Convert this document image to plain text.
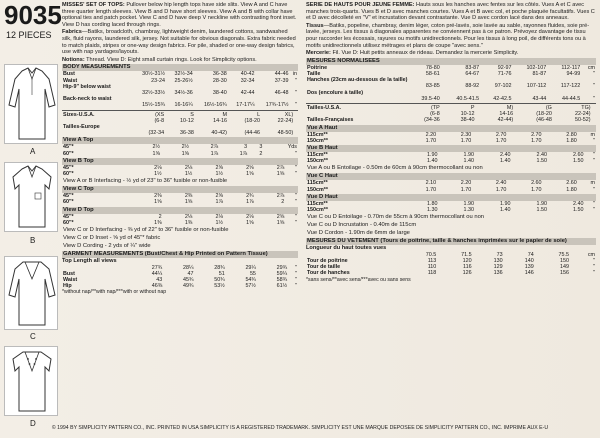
9035
12 PIECES
A
B
C
D

MISSES' SET OF TOPS: Pullover below hip length tops have side slits. View A and C have three quarter length sleeves. View B and D have short sleeves. View A and B with collar have optional ties and patch pocket. View C and D have deep V neckline with contrasting front inset. View D has cording laced through rings.

Fabrics—Batiks, broadcloth, chambray, lightweight denim, laundered cottons, sandwashed silk, fluid rayons, laundered silk, jersey. Not suitable for obvious diagonals. Extra fabric needed to match plaids, stripes or one-way design fabrics. For pile, shaded or one-way design fabrics, use with nap yardages/layouts.

Notions: Thread. View D: Eight small curtain rings. Look for Simplicity options.

BODY MEASUREMENTS
Bust	30½-31½	32½-34	36-38	40-42	44-46	in
Waist	23-24	25-26½	28-30	32-34	37-39	"
Hip-9" below waist						
	32½-33½	34½-36	38-40	42-44	46-48	"
Back-neck to waist						
	15½-15¾	16-16¼	16½-16¾	17-17¼	17¾-17½	"
Sizes-U.S.A.	(XS	S	M	L	XL)	
	(6-8	10-12	14-16	(18-20	22-24)	
Tailles-Europe						
	(32-34	36-38	40-42)	(44-46	48-50)	
View A Top
45"*	2½	2½	2⅞	3	3	Yds
60"*	1⅝	1⅝	1⅞	1⅞	2	"
View B Top
45"*	2⅛	2⅛	2⅝	2⅝	2⅞	"
60"*	1½	1½	1½	1⅝	1⅝	"
View A or B Interfacing - ½ yd of 23" to 36" fusible or non-fusible
View C Top
45"*	2⅜	2⅜	2⅝	2¾	2⅞	"
60"*	1⅝	1⅝	1⅞	1⅞	2	"
View D Top
45"*	2	2⅛	2⅛	2⅛	2⅝	"
60"*	1⅜	1⅜	1½	1⅝	1⅝	"
View C or D Interfacing - ⅜ yd of 22" to 36" fusible or non-fusible
View C or D Inset - ⅝ yd of 45"* fabric
View D Cording - 2 yds of ¼" wide
GARMENT MEASUREMENTS (Bust/Chest & Hip Printed on Pattern Tissue)
Top Length all views
	27¾	28¼	28¾	29¼	29¾	"
Bust	44¼	47	51	55	59¼	"
Waist	43	45¾	50¾	54¾	58¾	"
Hip	46⅜	49¾	53½	57½	61½	"
*without nap/**with nap/***with or without nap

SERIE DE HAUTS POUR JEUNE FEMME: Hauts sous les hanches avec fentes sur les côtés. Vues A et C avec manches trois-quarts. Vues B et D avec manches courtes. Vues A et B avec col, et poche plaquée facultatifs. Vues C et D avec décolleté en "V" et incrustation devant contrastante. Vue D avec cordon lacé dans des anneaux.

Tissus—Batiks, popeline, chambray, denim léger, coton pré-lavés, soie lavée au sable, rayonnes fluides, soie pré-lavée, jerseys. Les tissus à diagonales apparentes ne conviennent pas à ce patron. Prévoyez davantage de tissu pour raccorder les écossais, rayures ou motifs unidirectionnels. Pour les tissus à long poil, de différents tons ou à motifs unidirectionnels utilisez métrages et plans de coupe "avec sens."

Mercerie: Fil. Vue D: Huit petits anneaux de rideau. Demandez la mercerie Simplicity.

MESURES NORMALISEES
Poitrine	78-80	83-87	92-97	102-107	112-117	cm
Taille	58-61	64-67	71-76	81-87	94-99	"
Hanches (23cm au-dessous de la taille)						
	83-85	88-92	97-102	107-112	117-122	"
Dos (encolure à taille)						
	39.5-40	40.5-41.5	42-42.5	43-44	44-44.5	"
Tailles-U.S.A.	(TP	P	M)	(G	TG)	
	(6-8	10-12	14-16	(18-20	22-24)	
Tailles-Françaises	(34-36	38-40	42-44)	(46-48	50-52)	
Vue A Haut
115cm**	2.20	2.30	2.70	2.70	2.80	m
150cm**	1.70	1.70	1.70	1.70	1.80	"
Vue B Haut
115cm**	1.90	1.90	2.40	2.40	2.60	"
150cm**	1.40	1.40	1.40	1.50	1.50	"
Vue A ou B Entoilage - 0.50m de 60cm à 90cm thermocollant ou non
Vue C Haut
115cm**	2.10	2.20	2.40	2.60	2.60	m
150cm**	1.70	1.70	1.70	1.70	1.80	"
Vue D Haut
115cm**	1.80	1.90	1.90	1.90	2.40	"
150cm**	1.30	1.30	1.40	1.50	1.50	"
Vue C ou D Entoilage - 0.70m de 55cm à 90cm thermocollant ou non
Vue C ou D Incrustation - 0.40m de 115cm
Vue D Cordon - 1.90m de 6mm de large
MESURES DU VETEMENT (Tours de poitrine, taille & hanches imprimées sur le papier de soie)
Longueur du haut toutes vues
	70.5	71.5	73	74	75.5	cm
Tour de poitrine	113	120	130	140	150	"
Tour de taille	110	116	129	139	149	"
Tour de hanches	118	126	136	146	156	"
*sans sens/**avec sens/***avec ou sans sens
© 1994 BY SIMPLICITY PATTERN CO., INC. PRINTED IN USA SIMPLICITY IS A REGISTERED TRADEMARK. SIMPLICITY EST UNE MARQUE DEPOSEE DE SIMPLICITY PATTERN CO., INC. IMPRIME AUX E-U
